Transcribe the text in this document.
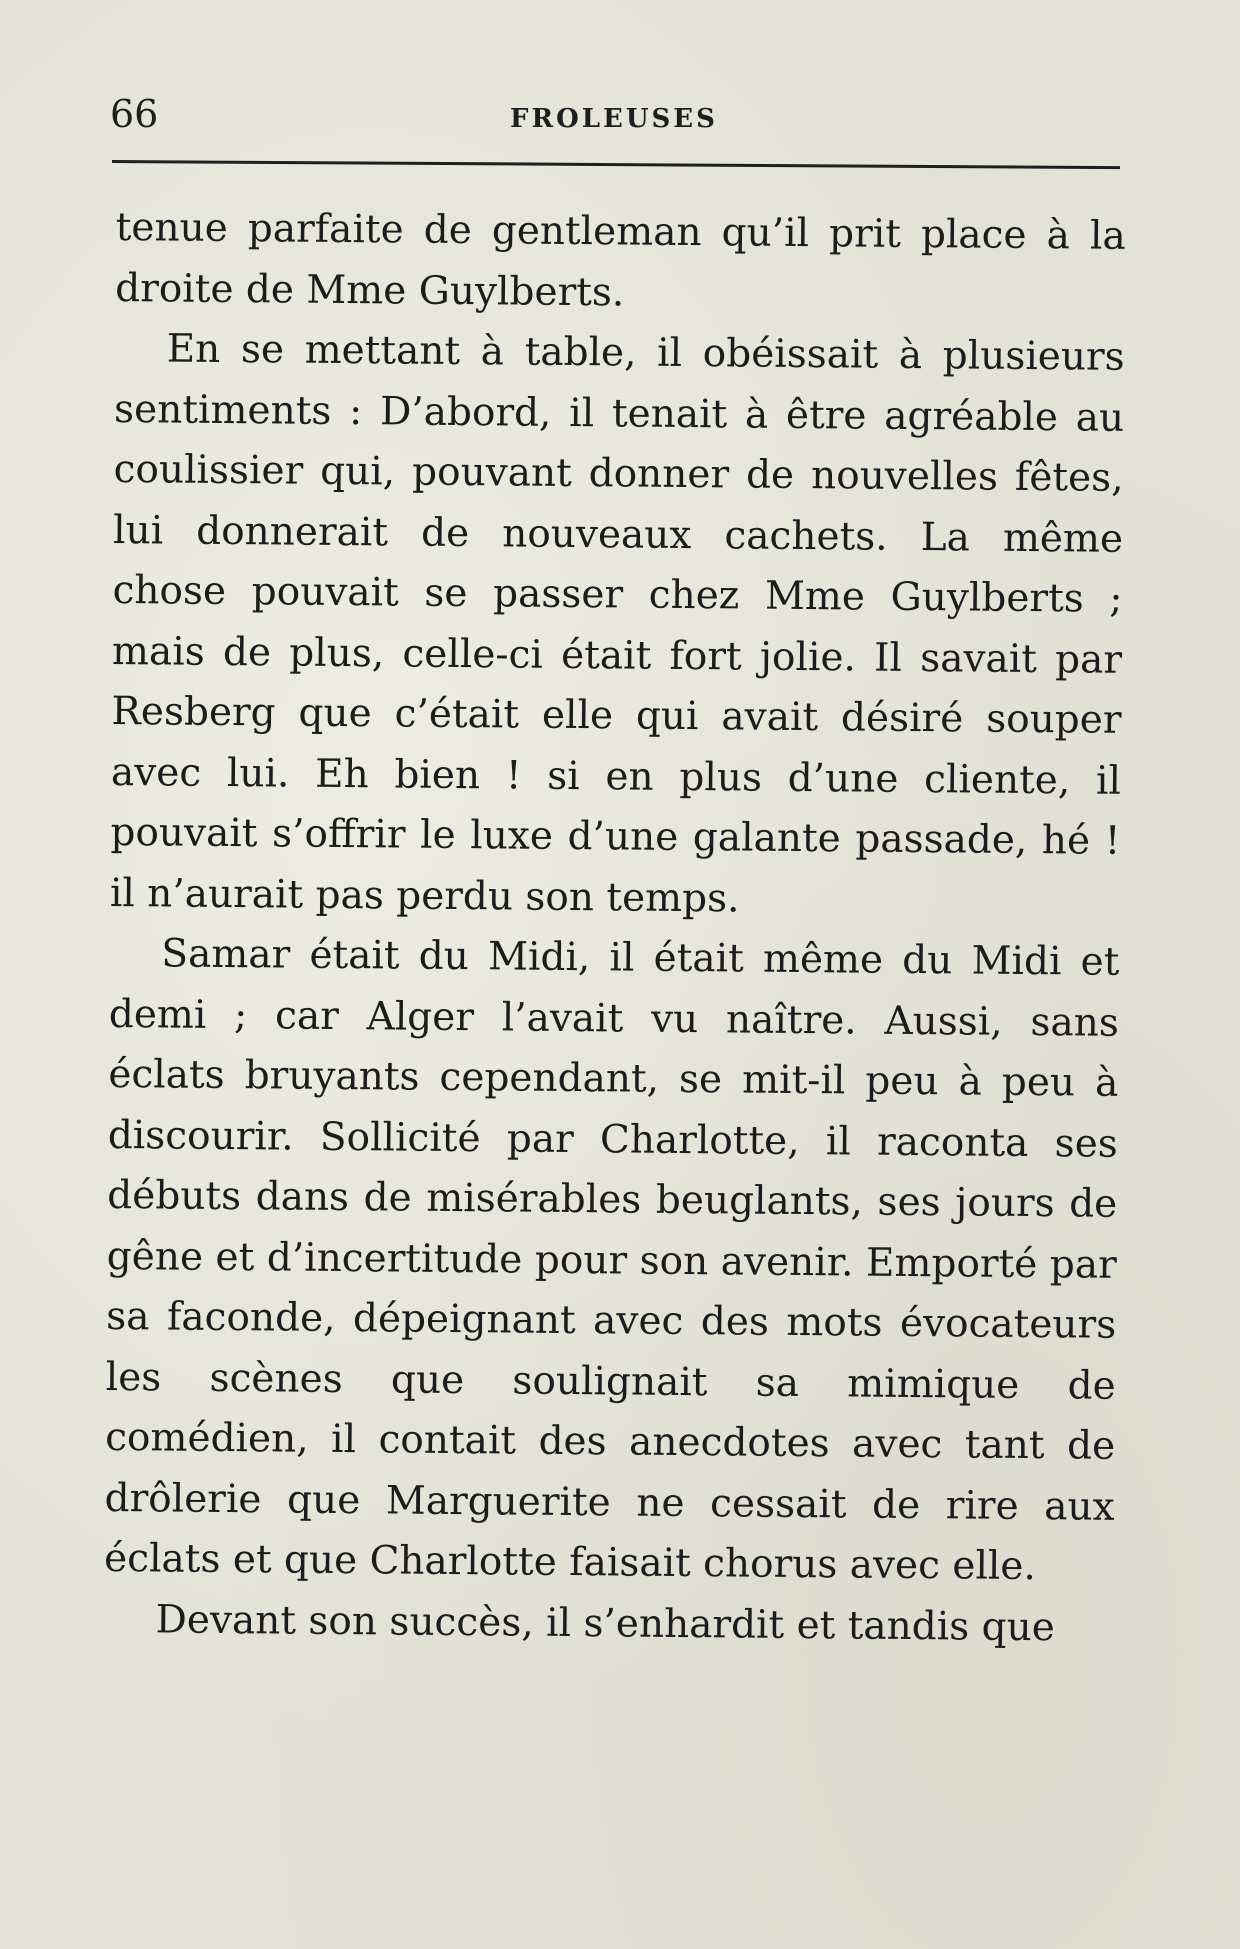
66	FROLEUSES

tenue parfaite de gentleman qu’il prit place à la droite de Mme Guylberts.

En se mettant à table, il obéissait à plusieurs sentiments : D’abord, il tenait à être agréable au coulissier qui, pouvant donner de nouvelles fêtes, lui donnerait de nouveaux cachets. La même chose pouvait se passer chez Mme Guylberts ; mais de plus, celle-ci était fort jolie. Il savait par Resberg que c’était elle qui avait désiré souper avec lui. Eh bien ! si en plus d’une cliente, il pouvait s’offrir le luxe d’une galante passade, hé ! il n’aurait pas perdu son temps.

Samar était du Midi, il était même du Midi et demi ; car Alger l’avait vu naître. Aussi, sans éclats bruyants cependant, se mit-il peu à peu à discourir. Sollicité par Charlotte, il raconta ses débuts dans de misérables beuglants, ses jours de gêne et d’incertitude pour son avenir. Emporté par sa faconde, dépeignant avec des mots évocateurs les scènes que soulignait sa mimique de comédien, il contait des anecdotes avec tant de drôlerie que Marguerite ne cessait de rire aux éclats et que Charlotte faisait chorus avec elle.

Devant son succès, il s’enhardit et tandis que
